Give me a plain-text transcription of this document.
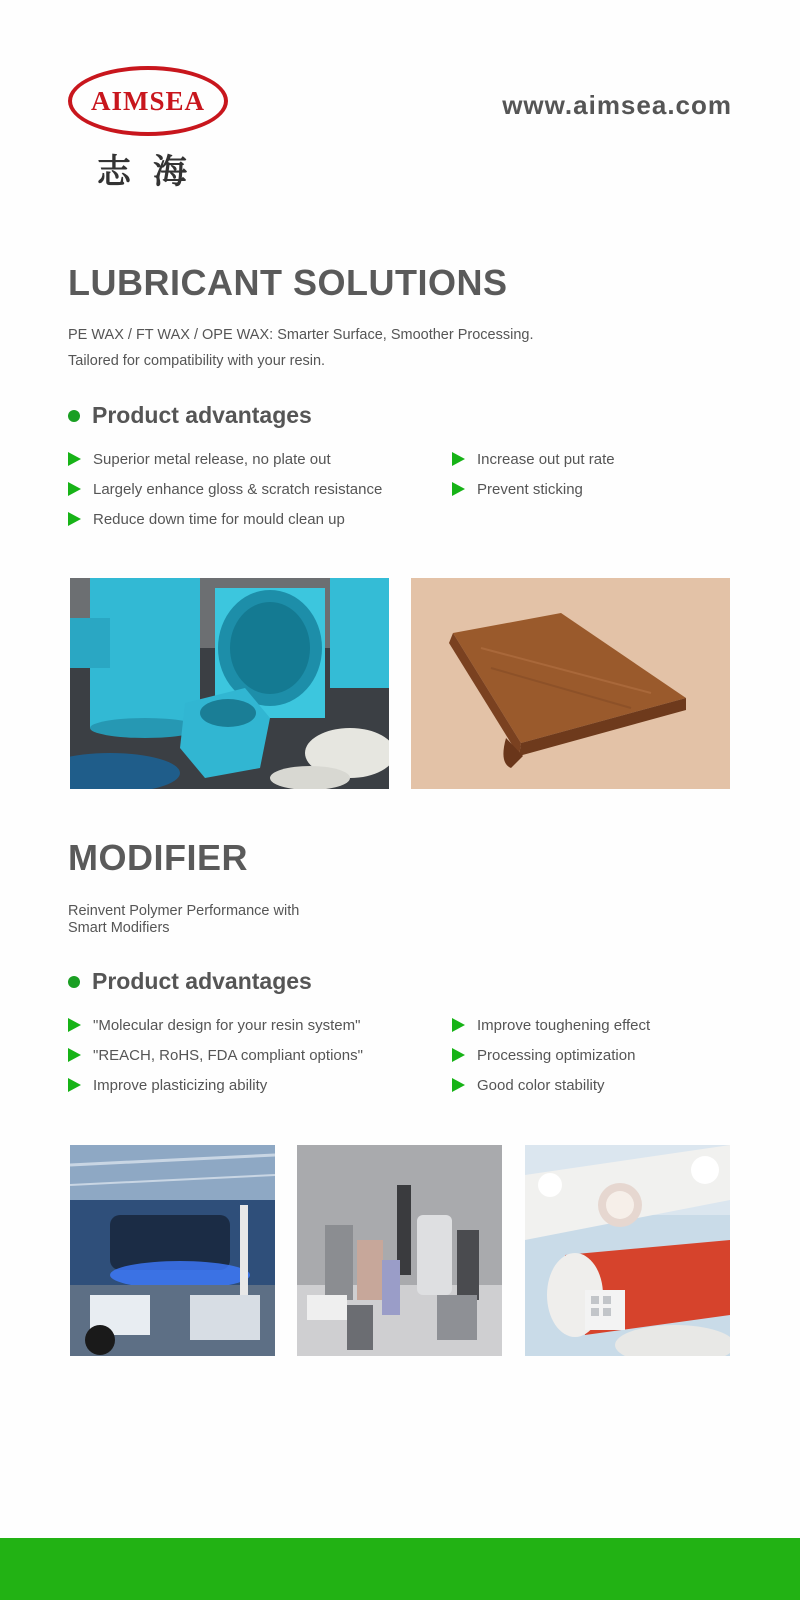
AIMSEA
志海
www.aimsea.com
LUBRICANT SOLUTIONS
PE WAX / FT WAX / OPE WAX: Smarter Surface, Smoother Processing.
Tailored for compatibility with your resin.
Product advantages
Superior metal release, no plate out
Largely enhance gloss & scratch resistance
Reduce down time for mould clean up
Increase out put rate
Prevent sticking
MODIFIER
Reinvent Polymer Performance with
Smart Modifiers
Product advantages
"Molecular design for your resin system"
"REACH, RoHS, FDA compliant options"
Improve plasticizing ability
Improve toughening effect
Processing optimization
Good color stability
